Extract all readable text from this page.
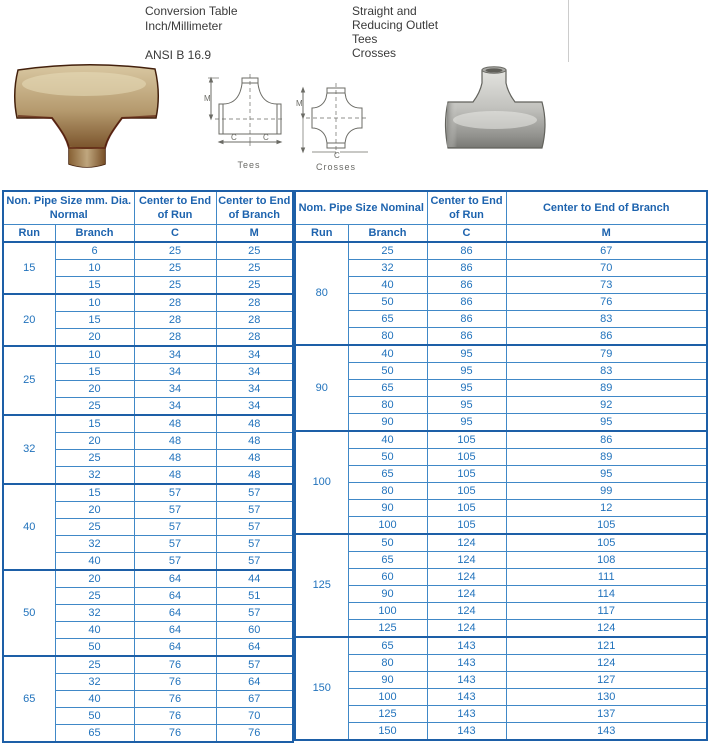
Conversion Table
Inch/Millimeter
ANSI B 16.9
Straight and
Reducing Outlet
Tees
Crosses
M
C	C
Tees
M
C
Crosses
Non. Pipe Size mm. Dia. Normal		Center to End of Run	Center to End of Branch
Run	Branch	C	M
15	6	25	25
	10	25	25
	15	25	25
20	10	28	28
	15	28	28
	20	28	28
25	10	34	34
	15	34	34
	20	34	34
	25	34	34
32	15	48	48
	20	48	48
	25	48	48
	32	48	48
40	15	57	57
	20	57	57
	25	57	57
	32	57	57
	40	57	57
50	20	64	44
	25	64	51
	32	64	57
	40	64	60
	50	64	64
65	25	76	57
	32	76	64
	40	76	67
	50	76	70
	65	76	76
Nom. Pipe Size Nominal		Center to End of Run	Center to End of Branch
Run	Branch	C	M
80	25	86	67
	32	86	70
	40	86	73
	50	86	76
	65	86	83
	80	86	86
90	40	95	79
	50	95	83
	65	95	89
	80	95	92
	90	95	95
100	40	105	86
	50	105	89
	65	105	95
	80	105	99
	90	105	12
	100	105	105
125	50	124	105
	65	124	108
	60	124	111
	90	124	114
	100	124	117
	125	124	124
150	65	143	121
	80	143	124
	90	143	127
	100	143	130
	125	143	137
	150	143	143
